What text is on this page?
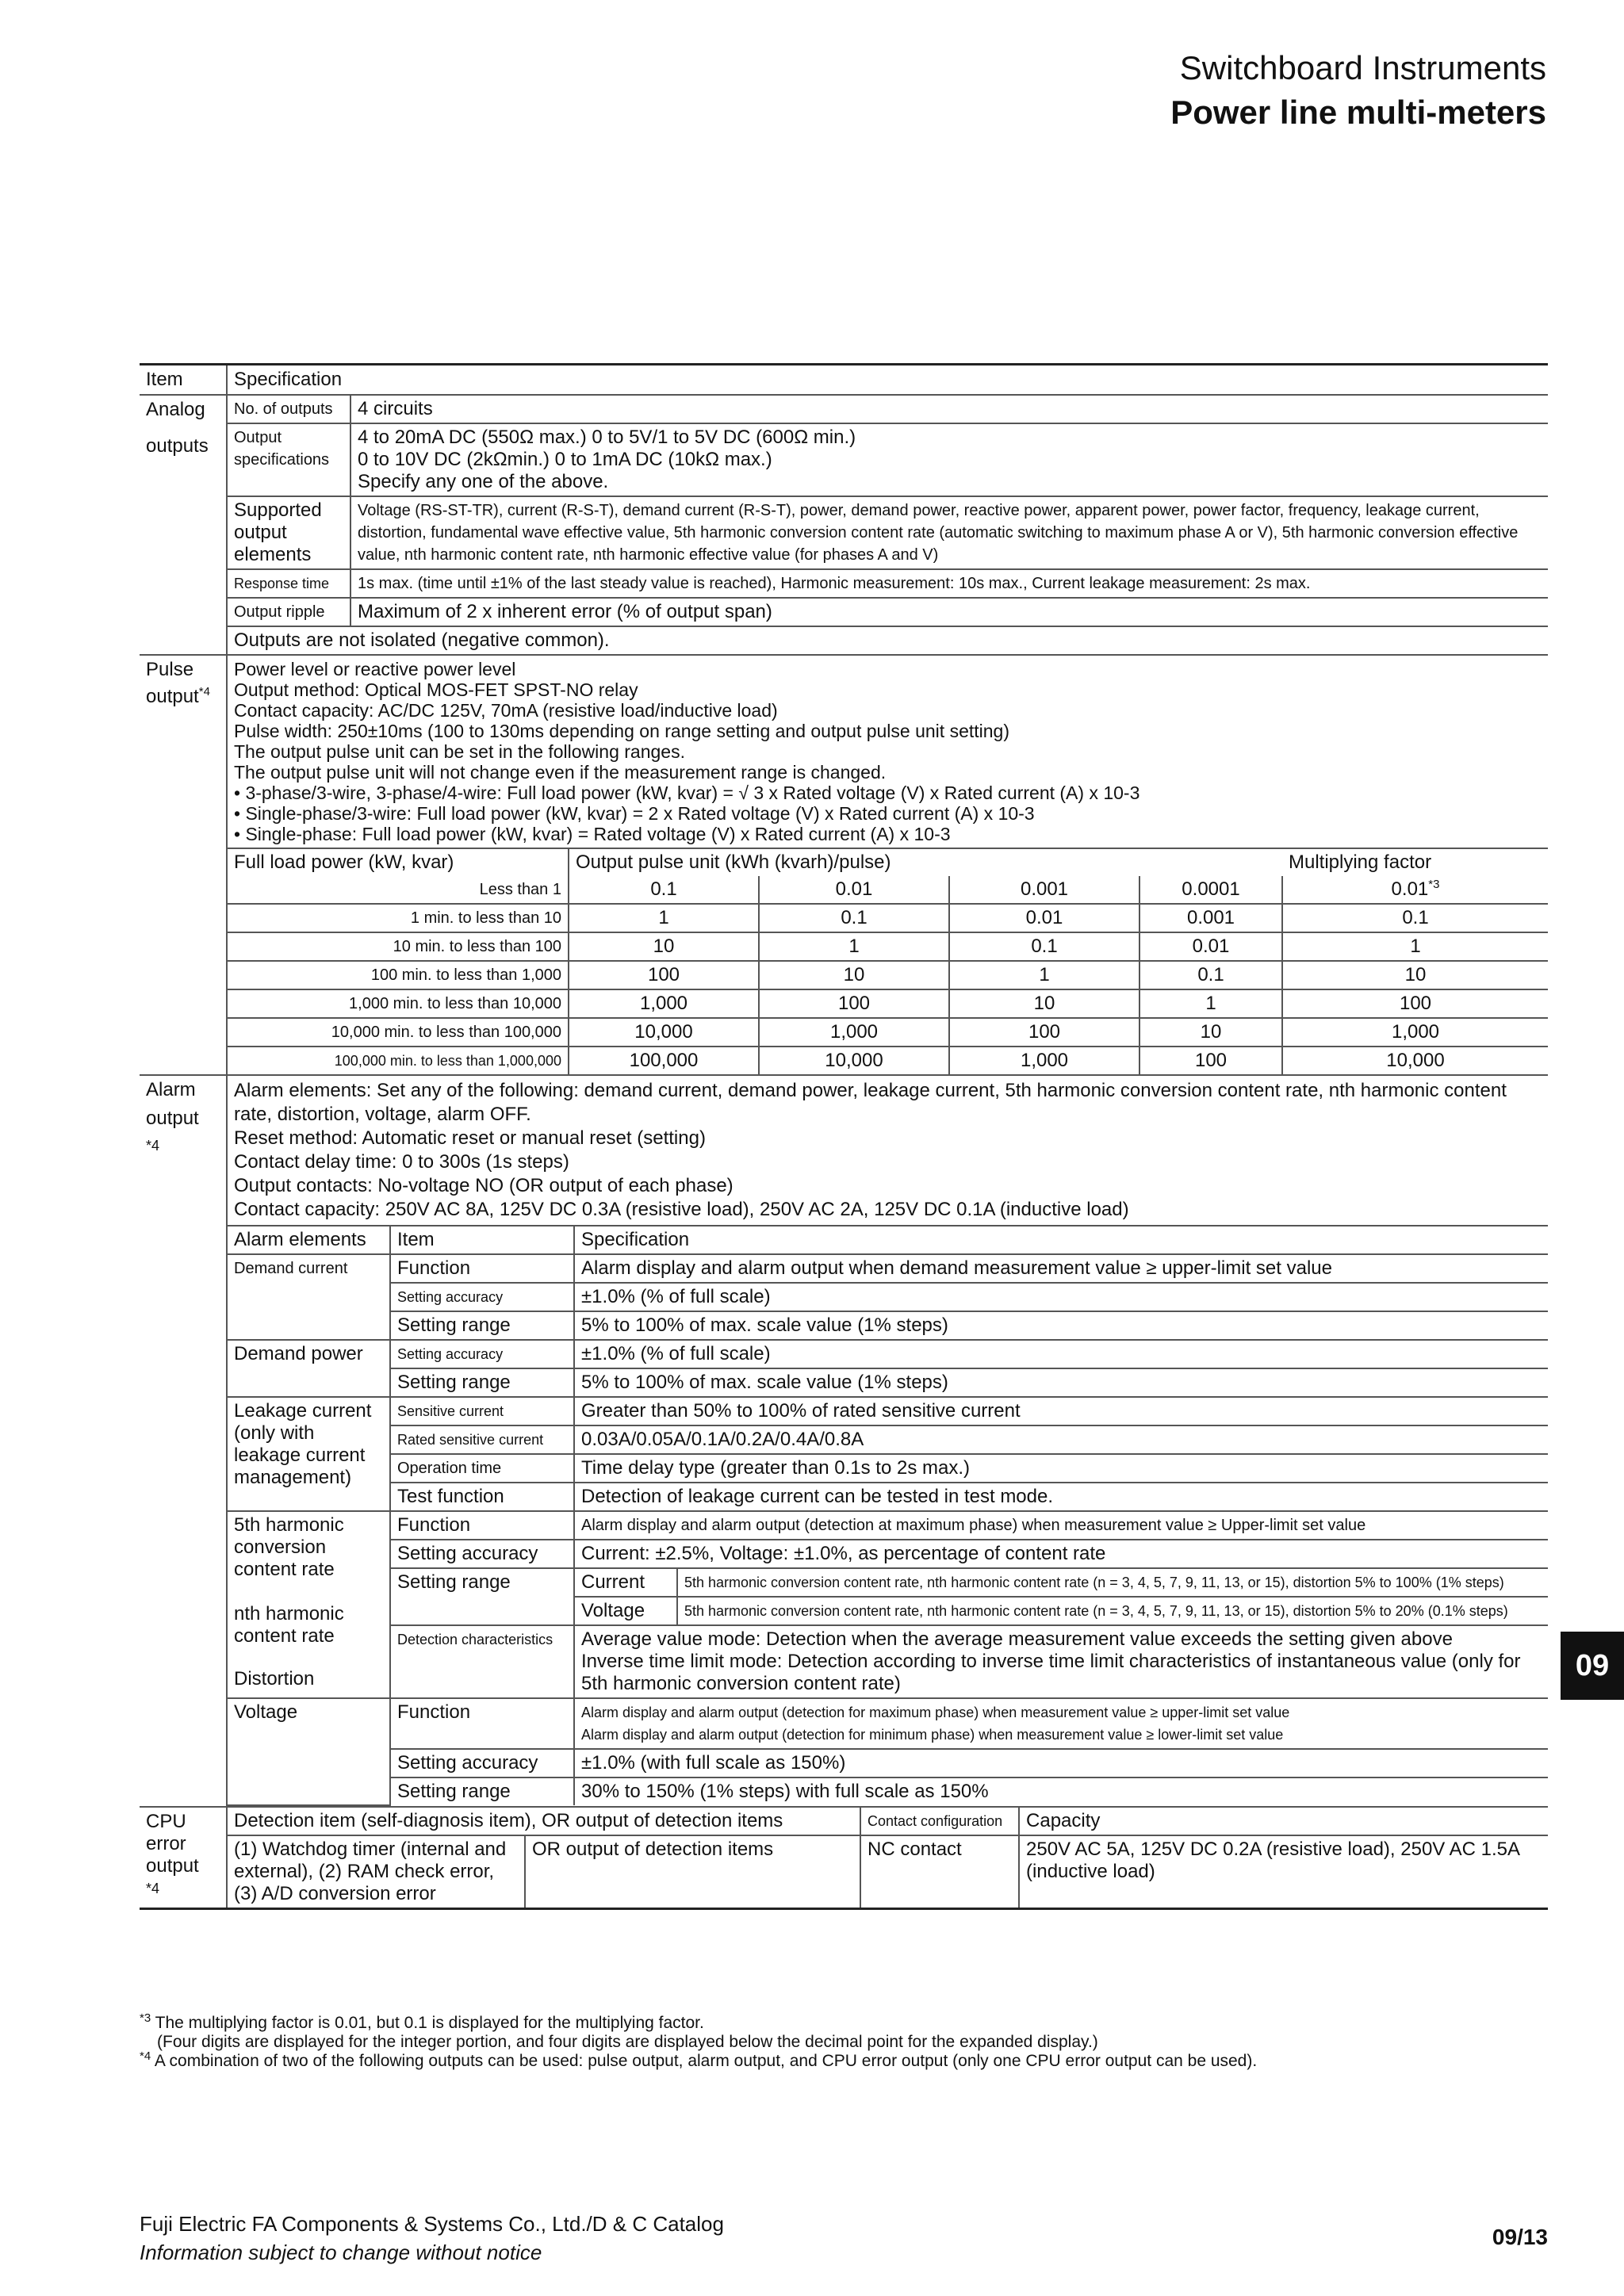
Switchboard Instruments
Power line multi-meters
Item	Specification

Analog
outputs

No. of outputs	4 circuits
Output specifications	4 to 20mA DC (550Ω max.) 0 to 5V/1 to 5V DC (600Ω min.)
0 to 10V DC (2kΩmin.) 0 to 1mA DC (10kΩ max.)
Specify any one of the above.
Supported output elements	Voltage (RS-ST-TR), current (R-S-T), demand current (R-S-T), power, demand power, reactive power, apparent power, power factor, frequency, leakage current, distortion, fundamental wave effective value, 5th harmonic conversion content rate (automatic switching to maximum phase A or V), 5th harmonic conversion effective value, nth harmonic content rate, nth harmonic effective value (for phases A and V)
Response time	1s max. (time until ±1% of the last steady value is reached), Harmonic measurement: 10s max., Current leakage measurement: 2s max.
Output ripple	Maximum of 2 x inherent error (% of output span)
Outputs are not isolated (negative common).

Pulse
output$^{*4}$

Power level or reactive power level
Output method: Optical MOS-FET SPST-NO relay
Contact capacity: AC/DC 125V, 70mA (resistive load/inductive load)
Pulse width: 250±10ms (100 to 130ms depending on range setting and output pulse unit setting)
The output pulse unit can be set in the following ranges.
The output pulse unit will not change even if the measurement range is changed.
• 3-phase/3-wire, 3-phase/4-wire: Full load power (kW, kvar) = √ 3 x Rated voltage (V) x Rated current (A) x 10-3
• Single-phase/3-wire: Full load power (kW, kvar) = 2 x Rated voltage (V) x Rated current (A) x 10-3
• Single-phase: Full load power (kW, kvar) = Rated voltage (V) x Rated current (A) x 10-3
Full load power (kW, kvar)	Output pulse unit (kWh (kvarh)/pulse)	Multiplying factor
Less than 1	0.1	0.01	0.001	0.0001	0.01$^{*3}$
1 min. to less than 10	1	0.1	0.01	0.001	0.1
10 min. to less than 100	10	1	0.1	0.01	1
100 min. to less than 1,000	100	10	1	0.1	10
1,000 min. to less than 10,000	1,000	100	10	1	100
10,000 min. to less than 100,000	10,000	1,000	100	10	1,000
100,000 min. to less than 1,000,000	100,000	10,000	1,000	100	10,000

Alarm
output
*4

Alarm elements: Set any of the following: demand current, demand power, leakage current, 5th harmonic conversion content rate, nth harmonic content rate, distortion, voltage, alarm OFF.
Reset method: Automatic reset or manual reset (setting)
Contact delay time: 0 to 300s (1s steps)
Output contacts: No-voltage NO (OR output of each phase)
Contact capacity: 250V AC 8A, 125V DC 0.3A (resistive load), 250V AC 2A, 125V DC 0.1A (inductive load)
Alarm elements	Item	Specification
Demand current	Function	Alarm display and alarm output when demand measurement value ≥ upper-limit set value
Setting accuracy	±1.0% (% of full scale)
Setting range	5% to 100% of max. scale value (1% steps)
Demand power	Setting accuracy	±1.0% (% of full scale)
Setting range	5% to 100% of max. scale value (1% steps)
Leakage current (only with leakage current management)	Sensitive current	Greater than 50% to 100% of rated sensitive current
Rated sensitive current	0.03A/0.05A/0.1A/0.2A/0.4A/0.8A
Operation time	Time delay type (greater than 0.1s to 2s max.)
Test function	Detection of leakage current can be tested in test mode.

5th harmonic conversion content rate
nth harmonic content rate
Distortion
	Function	Alarm display and alarm output (detection at maximum phase) when measurement value ≥ Upper-limit set value
Setting accuracy	Current: ±2.5%, Voltage: ±1.0%, as percentage of content rate
Setting range	Current	5th harmonic conversion content rate, nth harmonic content rate (n = 3, 4, 5, 7, 9, 11, 13, or 15), distortion 5% to 100% (1% steps)
Voltage	5th harmonic conversion content rate, nth harmonic content rate (n = 3, 4, 5, 7, 9, 11, 13, or 15), distortion 5% to 20% (0.1% steps)
Detection characteristics	Average value mode: Detection when the average measurement value exceeds the setting given above
Inverse time limit mode: Detection according to inverse time limit characteristics of instantaneous value (only for 5th harmonic conversion content rate)
Voltage	Function	Alarm display and alarm output (detection for maximum phase) when measurement value ≥ upper-limit set value
Alarm display and alarm output (detection for minimum phase) when measurement value ≥ lower-limit set value
Setting accuracy	±1.0% (with full scale as 150%)
Setting range	30% to 150% (1% steps) with full scale as 150%

CPU
error
output
*4

Detection item (self-diagnosis item), OR output of detection items	Contact configuration	Capacity
(1) Watchdog timer (internal and external), (2) RAM check error, (3) A/D conversion error	OR output of detection items	NC contact	250V AC 5A, 125V DC 0.2A (resistive load), 250V AC 1.5A (inductive load)
$^{*3}$ The multiplying factor is 0.01, but 0.1 is displayed for the multiplying factor.
(Four digits are displayed for the integer portion, and four digits are displayed below the decimal point for the expanded display.)
$^{*4}$ A combination of two of the following outputs can be used: pulse output, alarm output, and CPU error output (only one CPU error output can be used).
09
Fuji Electric FA Components & Systems Co., Ltd./D & C Catalog
Information subject to change without notice
09/13
